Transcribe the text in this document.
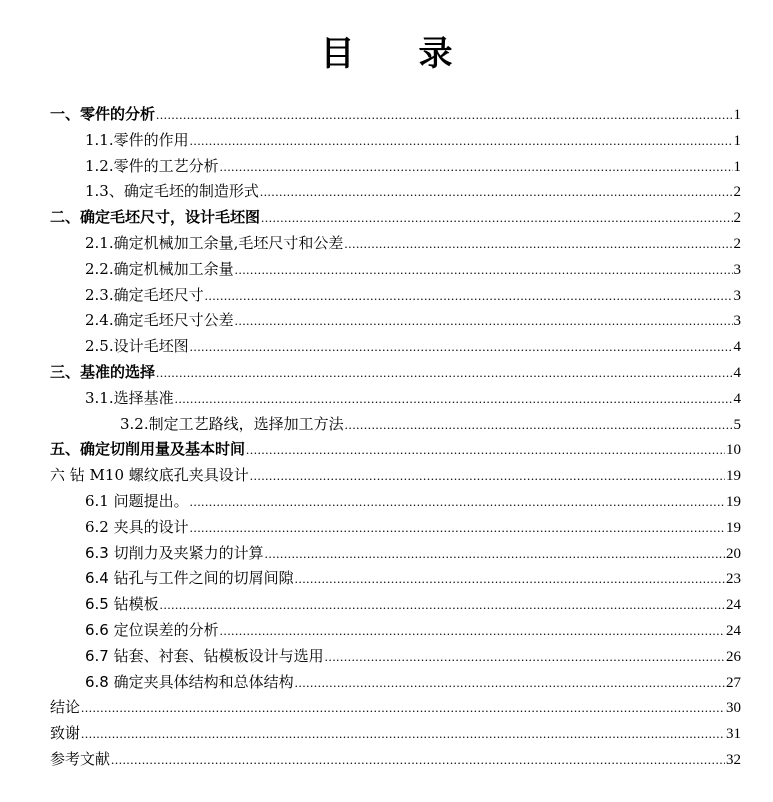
目 录
一、零件的分析 .....	1
1.1.零件的作用 .....	1
1.2.零件的工艺分析 .....	1
1.3、确定毛坯的制造形式 .....	2
二、确定毛坯尺寸，设计毛坯图 .....	2
2.1.确定机械加工余量,毛坯尺寸和公差 .....	2
2.2.确定机械加工余量 .....	3
2.3.确定毛坯尺寸 .....	3
2.4.确定毛坯尺寸公差 .....	3
2.5.设计毛坯图 .....	4
三、基准的选择 .....	4
3.1.选择基准 .....	4
3.2.制定工艺路线，选择加工方法 .....	5
五、确定切削用量及基本时间 .....	10
六 钻 M10 螺纹底孔夹具设计 .....	19
6.1 问题提出。 .....	19
6.2 夹具的设计 .....	19
6.3 切削力及夹紧力的计算 .....	20
6.4 钻孔与工件之间的切屑间隙 .....	23
6.5 钻模板 .....	24
6.6 定位误差的分析 .....	24
6.7 钻套、衬套、钻模板设计与选用 .....	26
6.8 确定夹具体结构和总体结构 .....	27
结论 .....	30
致谢 .....	31
参考文献 .....	32
